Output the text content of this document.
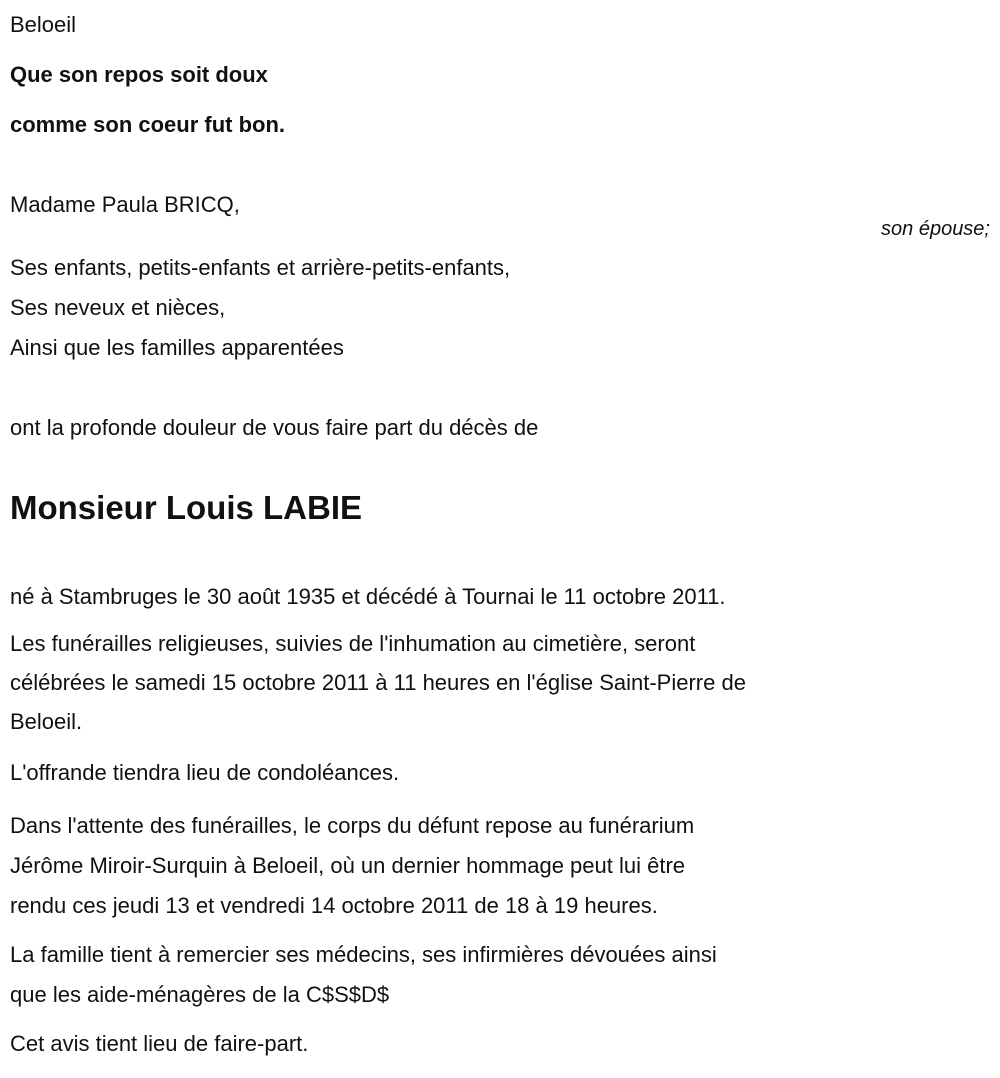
Beloeil
Que son repos soit doux
comme son coeur fut bon.
Madame Paula BRICQ,
son épouse;
Ses enfants, petits-enfants et arrière-petits-enfants,
Ses neveux et nièces,
Ainsi que les familles apparentées
ont la profonde douleur de vous faire part du décès de
Monsieur Louis LABIE
né à Stambruges le 30 août 1935 et décédé à Tournai le 11 octobre 2011.
Les funérailles religieuses, suivies de l'inhumation au cimetière, seront
célébrées le samedi 15 octobre 2011 à 11 heures en l'église Saint-Pierre de
Beloeil.
L'offrande tiendra lieu de condoléances.
Dans l'attente des funérailles, le corps du défunt repose au funérarium
Jérôme Miroir-Surquin à Beloeil, où un dernier hommage peut lui être
rendu ces jeudi 13 et vendredi 14 octobre 2011 de 18 à 19 heures.
La famille tient à remercier ses médecins, ses infirmières dévouées ainsi
que les aide-ménagères de la C$S$D$
Cet avis tient lieu de faire-part.
